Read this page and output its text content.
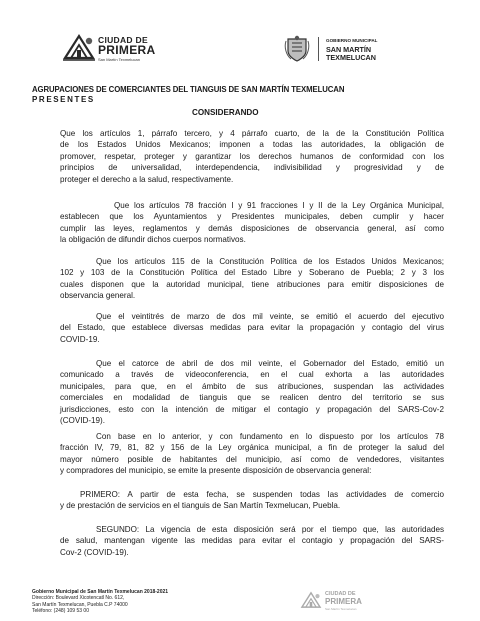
CIUDAD DE
PRIMERA
San Martín Texmelucan
GOBIERNO MUNICIPAL
SAN MARTÍN
TEXMELUCAN
AGRUPACIONES DE COMERCIANTES DEL TIANGUIS DE SAN MARTÍN TEXMELUCAN
PRESENTES
CONSIDERANDO
Que los artículos 1, párrafo tercero, y 4 párrafo cuarto, de la de la Constitución Política
de los Estados Unidos Mexicanos; imponen a todas las autoridades, la obligación de
promover, respetar, proteger y garantizar los derechos humanos de conformidad con los
principios de universalidad, interdependencia, indivisibilidad y progresividad y de
proteger el derecho a la salud, respectivamente.
Que los artículos 78 fracción I y 91 fracciones I y II de la Ley Orgánica Municipal,
establecen que los Ayuntamientos y Presidentes municipales, deben cumplir y hacer
cumplir las leyes, reglamentos y demás disposiciones de observancia general, así como
la obligación de difundir dichos cuerpos normativos.
Que los artículos 115 de la Constitución Política de los Estados Unidos Mexicanos;
102 y 103 de la Constitución Política del Estado Libre y Soberano de Puebla; 2 y 3 los
cuales disponen que la autoridad municipal, tiene atribuciones para emitir disposiciones de
observancia general.
Que el veintitrés de marzo de dos mil veinte, se emitió el acuerdo del ejecutivo
del Estado, que establece diversas medidas para evitar la propagación y contagio del virus
COVID-19.
Que el catorce de abril de dos mil veinte, el Gobernador del Estado, emitió un
comunicado a través de videoconferencia, en el cual exhorta a las autoridades
municipales, para que, en el ámbito de sus atribuciones, suspendan las actividades
comerciales en modalidad de tianguis que se realicen dentro del territorio se sus
jurisdicciones, esto con la intención de mitigar el contagio y propagación del SARS-Cov-2
(COVID-19).
Con base en lo anterior, y con fundamento en lo dispuesto por los artículos 78
fracción IV, 79, 81, 82 y 156 de la Ley orgánica municipal, a fin de proteger la salud del
mayor número posible de habitantes del municipio, así como de vendedores, visitantes
y compradores del municipio, se emite la presente disposición de observancia general:
PRIMERO: A partir de esta fecha, se suspenden todas las actividades de comercio
y de prestación de servicios en el tianguis de San Martín Texmelucan, Puebla.
SEGUNDO: La vigencia de esta disposición será por el tiempo que, las autoridades
de salud, mantengan vigente las medidas para evitar el contagio y propagación del SARS-
Cov-2 (COVID-19).
Gobierno Municipal de San Martín Texmelucan 2018-2021
Dirección: Boulevard Xicotencatl No. 612,
San Martín Texmelucan, Puebla C.P 74000
Teléfono: (248) 109 53 00
CIUDAD DE
PRIMERA
San Martín Texmelucan
